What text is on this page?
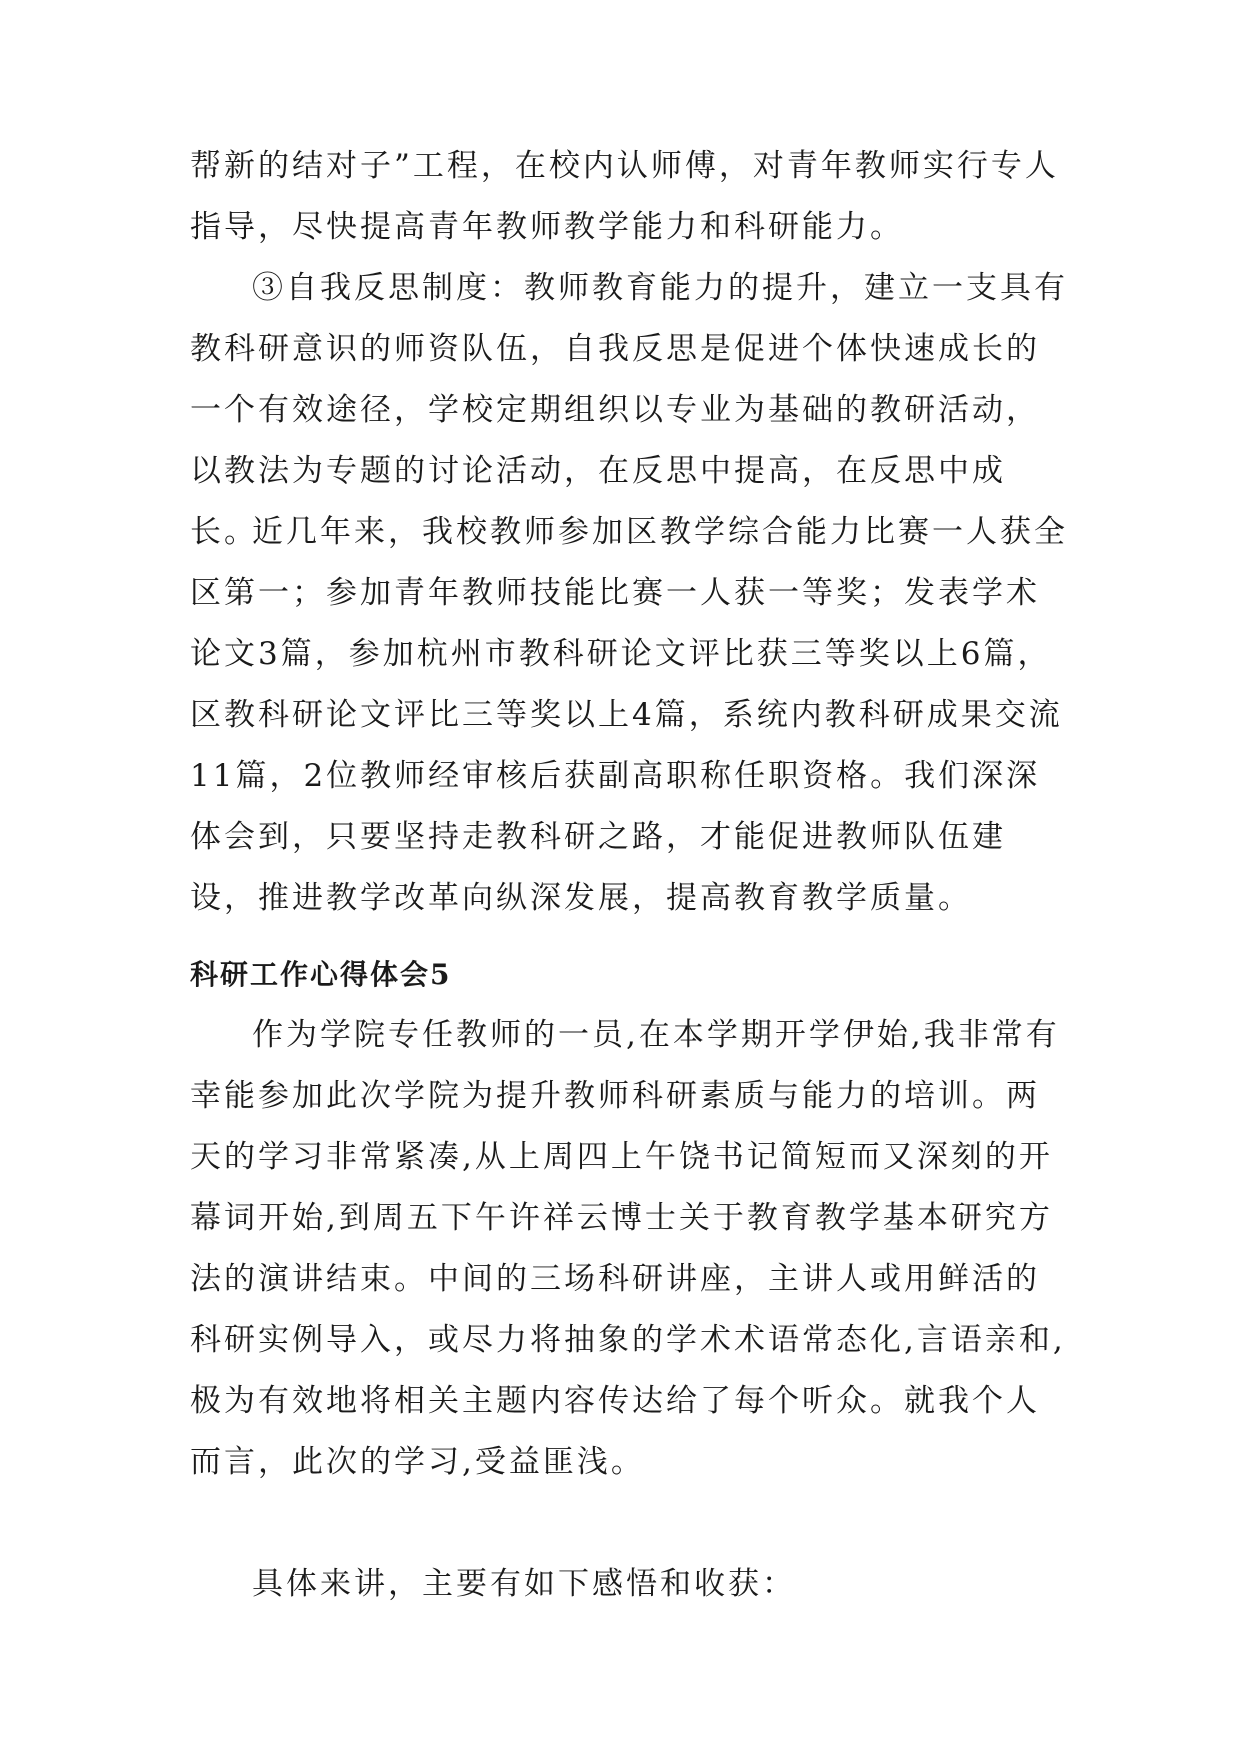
帮新的结对子”工程，在校内认师傅，对青年教师实行专人指导，尽快提高青年教师教学能力和科研能力。

③自我反思制度：教师教育能力的提升，建立一支具有教科研意识的师资队伍，自我反思是促进个体快速成长的一个有效途径，学校定期组织以专业为基础的教研活动，以教法为专题的讨论活动，在反思中提高，在反思中成长。

近几年来，我校教师参加区教学综合能力比赛一人获全区第一；参加青年教师技能比赛一人获一等奖；发表学术论文3篇，参加杭州市教科研论文评比获三等奖以上6篇，区教科研论文评比三等奖以上4篇，系统内教科研成果交流11篇，2位教师经审核后获副高职称任职资格。我们深深体会到，只要坚持走教科研之路，才能促进教师队伍建设，推进教学改革向纵深发展，提高教育教学质量。

科研工作心得体会5

作为学院专任教师的一员,在本学期开学伊始,我非常有幸能参加此次学院为提升教师科研素质与能力的培训。两天的学习非常紧凑,从上周四上午饶书记简短而又深刻的开幕词开始,到周五下午许祥云博士关于教育教学基本研究方法的演讲结束。中间的三场科研讲座，主讲人或用鲜活的科研实例导入，或尽力将抽象的学术术语常态化,言语亲和,极为有效地将相关主题内容传达给了每个听众。就我个人而言，此次的学习,受益匪浅。

具体来讲，主要有如下感悟和收获：
